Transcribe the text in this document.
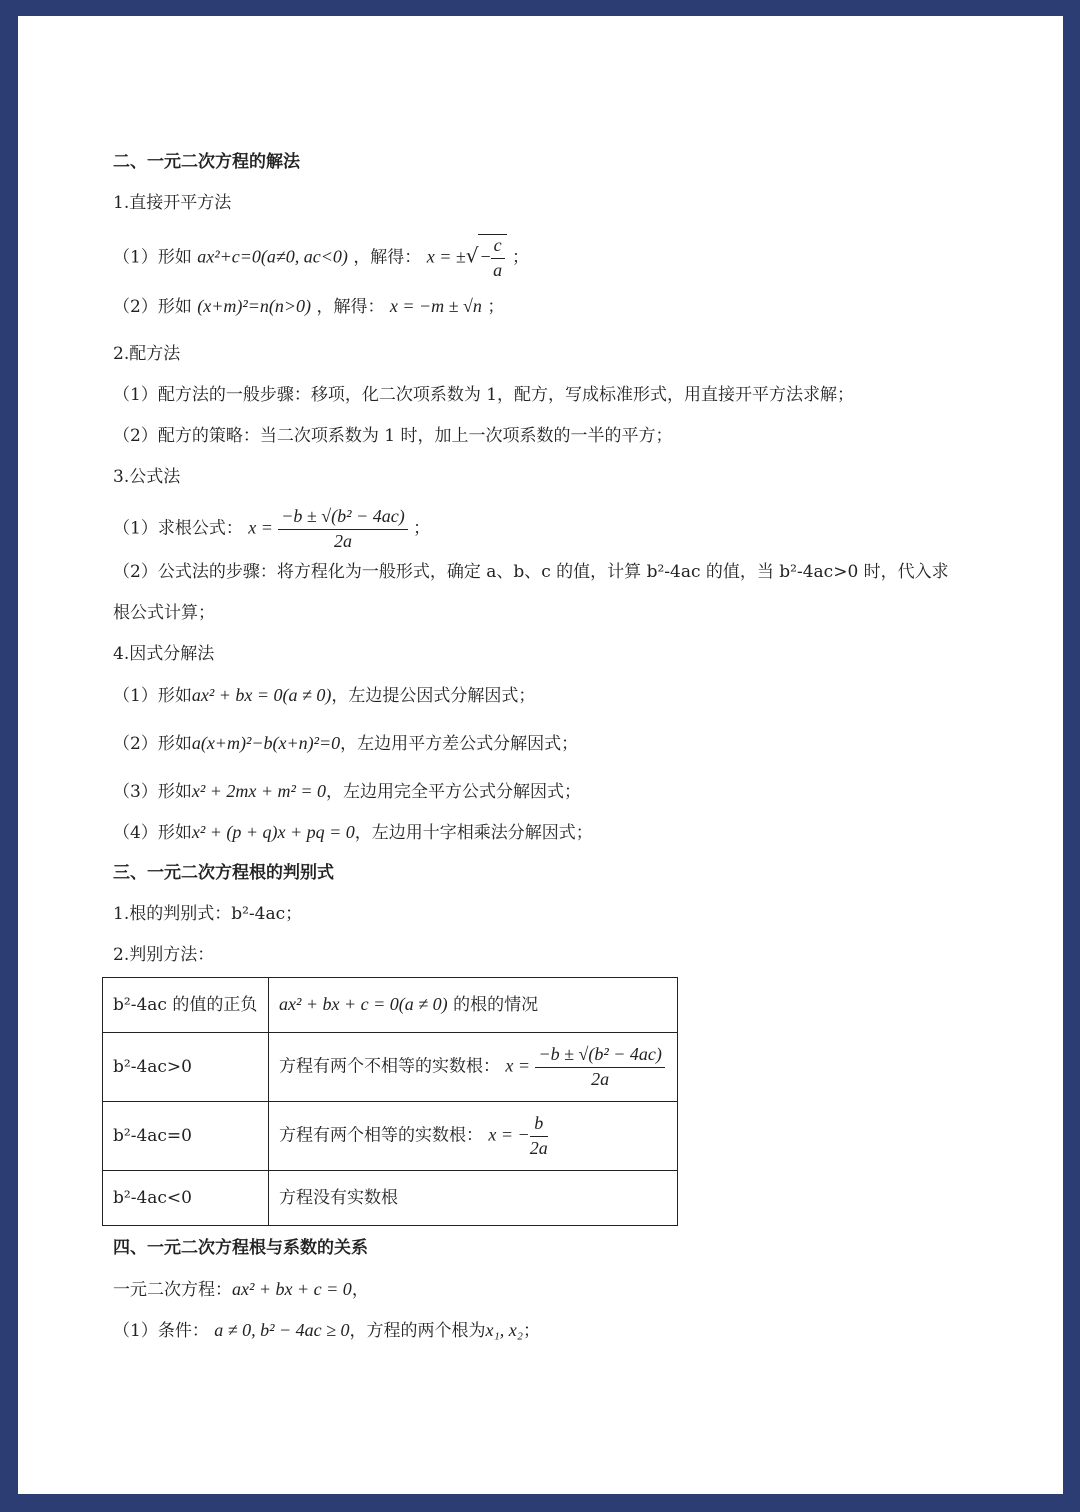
二、一元二次方程的解法
1.直接开平方法
（1）形如 ax²+c=0(a≠0, ac<0) ，解得： x = ±√ − $\frac{c}{a}$ ；
（2）形如 (x+m)²=n(n>0) ，解得： x = −m ± √n ；
2.配方法
（1）配方法的一般步骤：移项，化二次项系数为 1，配方，写成标准形式，用直接开平方法求解；
（2）配方的策略：当二次项系数为 1 时，加上一次项系数的一半的平方；
3.公式法
（1）求根公式： $x = \frac{\text{−b ± √(b² − 4ac)}}{2a}$ ；
（2）公式法的步骤：将方程化为一般形式，确定 a、b、c 的值，计算 b²-4ac 的值，当 b²-4ac>0 时，代入求
根公式计算；
4.因式分解法
（1）形如ax² + bx = 0(a ≠ 0)，左边提公因式分解因式；
（2）形如a(x+m)²−b(x+n)²=0，左边用平方差公式分解因式；
（3）形如x² + 2mx + m² = 0，左边用完全平方公式分解因式；
（4）形如x² + (p + q)x + pq = 0，左边用十字相乘法分解因式；
三、一元二次方程根的判别式
1.根的判别式：b²-4ac；
2.判别方法：
b²-4ac 的值的正负	ax² + bx + c = 0(a ≠ 0) 的根的情况
b²-4ac>0	方程有两个不相等的实数根： $x = \frac{\text{−b ± √(b² − 4ac)}}{2a}$

b²-4ac=0	方程有两个相等的实数根： x = − $\frac{b}{2a}$

b²-4ac<0	方程没有实数根
四、一元二次方程根与系数的关系
一元二次方程：ax² + bx + c = 0，
（1）条件： a ≠ 0, b² − 4ac ≥ 0，方程的两个根为x₁, x₂；
